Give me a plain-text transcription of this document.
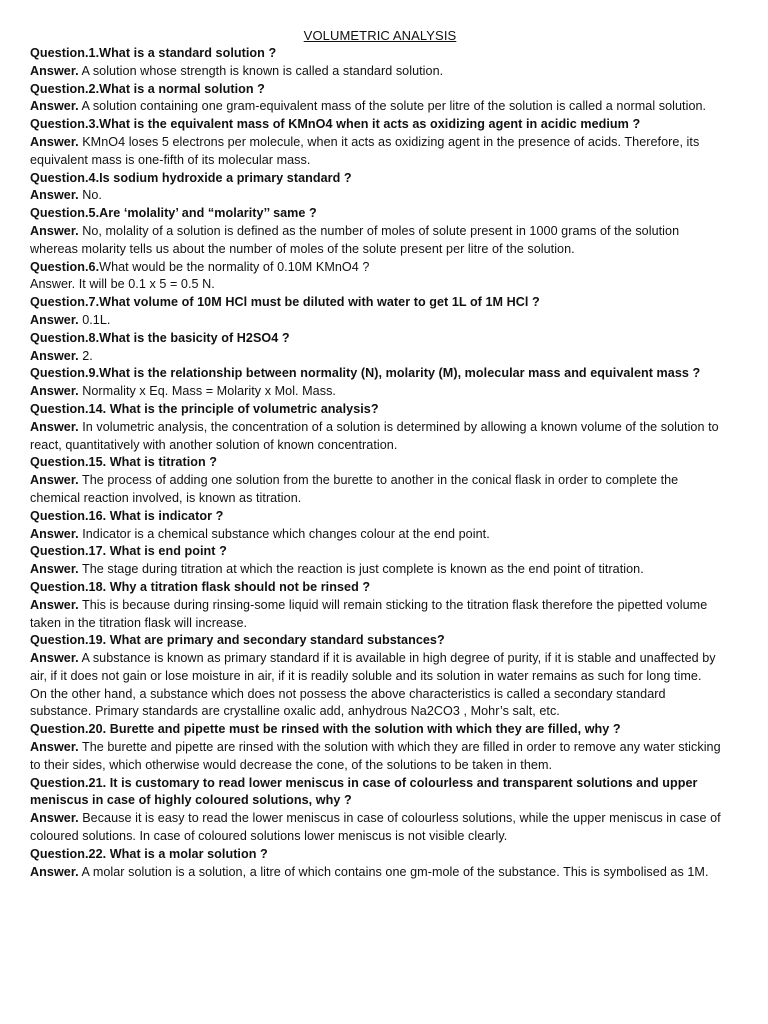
VOLUMETRIC ANALYSIS

Question.1.What is a standard solution ?

Answer. A solution whose strength is known is called a standard solution.

Question.2.What is a normal solution ?

Answer. A solution containing one gram-equivalent mass of the solute per litre of the solution is called a normal solution.

Question.3.What is the equivalent mass of KMnO4 when it acts as oxidizing agent in acidic medium ?

Answer. KMnO4 loses 5 electrons per molecule, when it acts as oxidizing agent in the presence of acids. Therefore, its equivalent mass is one-fifth of its molecular mass.

Question.4.Is sodium hydroxide a primary standard ?

Answer. No.

Question.5.Are ‘molality’ and “molarity’’ same ?

Answer. No, molality of a solution is defined as the number of moles of solute present in 1000 grams of the solution whereas molarity tells us about the number of moles of the solute present per litre of the solution.

Question.6.What would be the normality of 0.10M KMnO4 ?

Answer. It will be 0.1 x 5 = 0.5 N.

Question.7.What volume of 10M HCl must be diluted with water to get 1L of 1M HCl ?

Answer. 0.1L.

Question.8.What is the basicity of H2SO4 ?

Answer. 2.

Question.9.What is the relationship between normality (N), molarity (M), molecular mass and equivalent mass ?

Answer. Normality x Eq. Mass = Molarity x Mol. Mass.

Question.14. What is the principle of volumetric analysis?

Answer. In volumetric analysis, the concentration of a solution is determined by allowing a known volume of the solution to react, quantitatively with another solution of known concentration.

Question.15. What is titration ?

Answer. The process of adding one solution from the burette to another in the conical flask in order to complete the chemical reaction involved, is known as titration.

Question.16. What is indicator ?

Answer. Indicator is a chemical substance which changes colour at the end point.

Question.17. What is end point ?

Answer. The stage during titration at which the reaction is just complete is known as the end point of titration.

Question.18. Why a titration flask should not be rinsed ?

Answer. This is because during rinsing-some liquid will remain sticking to the titration flask therefore the pipetted volume taken in the titration flask will increase.

Question.19. What are primary and secondary standard substances?

Answer. A substance is known as primary standard if it is available in high degree of purity, if it is stable and unaffected by air, if it does not gain or lose moisture in air, if it is readily soluble and its solution in water remains as such for long time.

On the other hand, a substance which does not possess the above characteristics is called a secondary standard substance. Primary standards are crystalline oxalic add, anhydrous Na2CO3 , Mohr’s salt, etc.

Question.20. Burette and pipette must be rinsed with the solution with which they are filled, why ?

Answer. The burette and pipette are rinsed with the solution with which they are filled in order to remove any water sticking to their sides, which otherwise would decrease the cone, of the solutions to be taken in them.

Question.21. It is customary to read lower meniscus in case of colourless and transparent solutions and upper meniscus in case of highly coloured solutions, why ?

Answer. Because it is easy to read the lower meniscus in case of colourless solutions, while the upper meniscus in case of coloured solutions. In case of coloured solutions lower meniscus is not visible clearly.

Question.22. What is a molar solution ?

Answer. A molar solution is a solution, a litre of which contains one gm-mole of the substance. This is symbolised as 1M.
